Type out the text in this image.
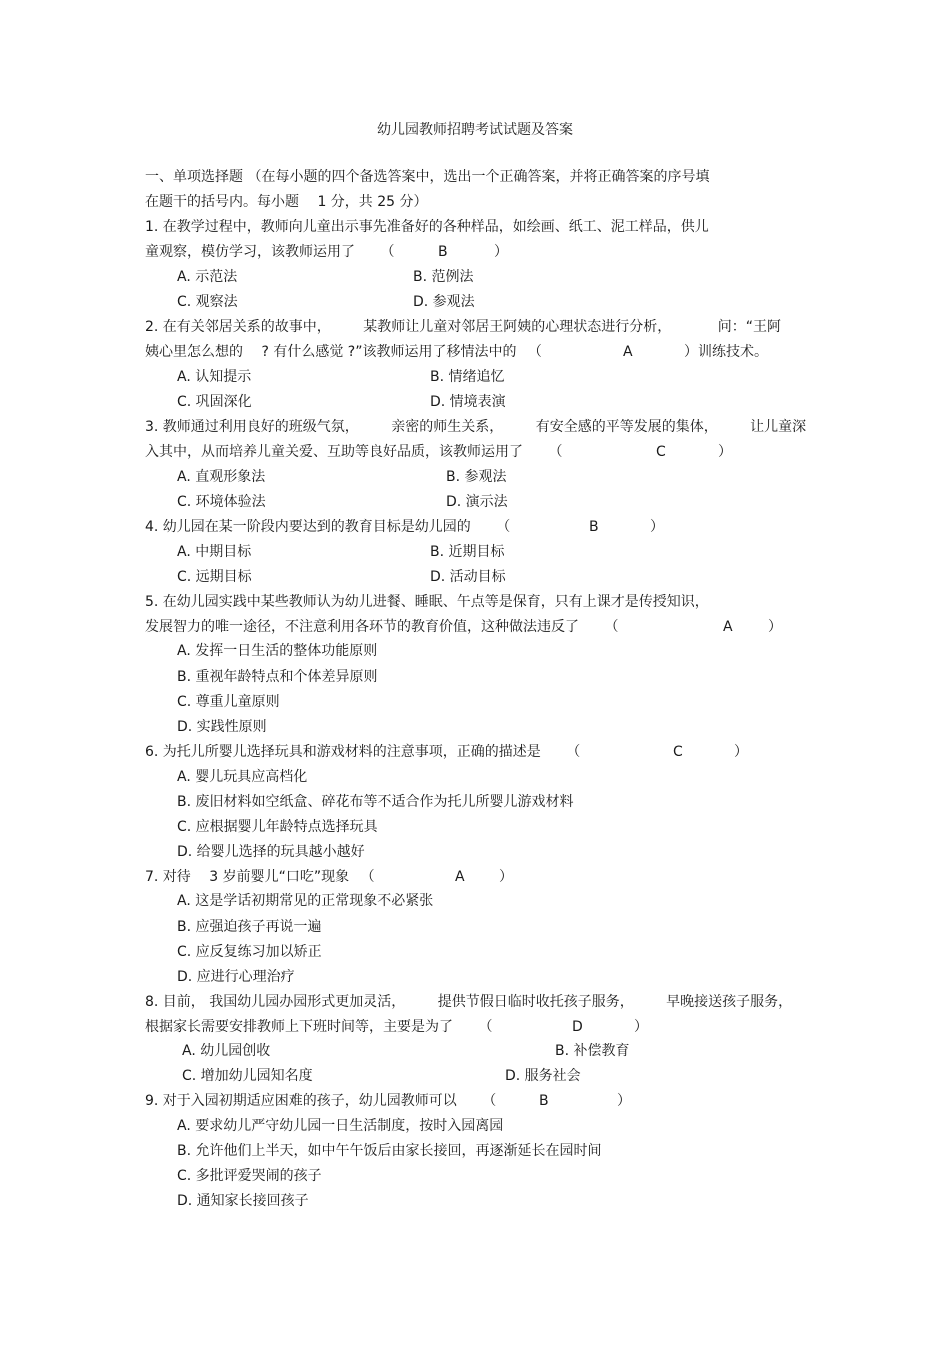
幼儿园教师招聘考试试题及答案
一、单项选择题 （在每小题的四个备选答案中，选出一个正确答案，并将正确答案的序号填
在题干的括号内。每小题 　1 分，共 25 分）
1. 在教学过程中，教师向儿童出示事先准备好的各种样品，如绘画、纸工、泥工样品，供儿
童观察，模仿学习，该教师运用了 　　（	B	）
A. 示范法	B. 范例法
C. 观察法	D. 参观法
2. 在有关邻居关系的故事中， 　　某教师让儿童对邻居王阿姨的心理状态进行分析， 　　　问：“王阿
姨心里怎么想的 　? 有什么感觉 ?”该教师运用了移情法中的 　（	A	）训练技术。
A. 认知提示	B. 情绪追忆
C. 巩固深化	D. 情境表演
3. 教师通过利用良好的班级气氛， 　　亲密的师生关系， 　　有安全感的平等发展的集体， 　　让儿童深
入其中，从而培养儿童关爱、互助等良好品质，该教师运用了 　　（	C	）
A. 直观形象法	B. 参观法
C. 环境体验法	D. 演示法
4. 幼儿园在某一阶段内要达到的教育目标是幼儿园的 　　（	B	）
A. 中期目标	B. 近期目标
C. 远期目标	D. 活动目标
5. 在幼儿园实践中某些教师认为幼儿进餐、睡眠、午点等是保育，只有上课才是传授知识，
发展智力的唯一途径，不注意利用各环节的教育价值，这种做法违反了 　　（	A	）
A. 发挥一日生活的整体功能原则
B. 重视年龄特点和个体差异原则
C. 尊重儿童原则
D. 实践性原则
6. 为托儿所婴儿选择玩具和游戏材料的注意事项，正确的描述是 　　（	C	）
A. 婴儿玩具应高档化
B. 废旧材料如空纸盒、碎花布等不适合作为托儿所婴儿游戏材料
C. 应根据婴儿年龄特点选择玩具
D. 给婴儿选择的玩具越小越好
7. 对待 　3 岁前婴儿“口吃”现象 　（	A ）
A. 这是学话初期常见的正常现象不必紧张
B. 应强迫孩子再说一遍
C. 应反复练习加以矫正
D. 应进行心理治疗
8. 目前， 我国幼儿园办园形式更加灵活， 　　提供节假日临时收托孩子服务， 　　早晚接送孩子服务，
根据家长需要安排教师上下班时间等，主要是为了 　　（	D	）
A. 幼儿园创收	B. 补偿教育
C. 增加幼儿园知名度	D. 服务社会
9. 对于入园初期适应困难的孩子，幼儿园教师可以 　　（	B	）
A. 要求幼儿严守幼儿园一日生活制度，按时入园离园
B. 允许他们上半天，如中午午饭后由家长接回，再逐渐延长在园时间
C. 多批评爱哭闹的孩子
D. 通知家长接回孩子
